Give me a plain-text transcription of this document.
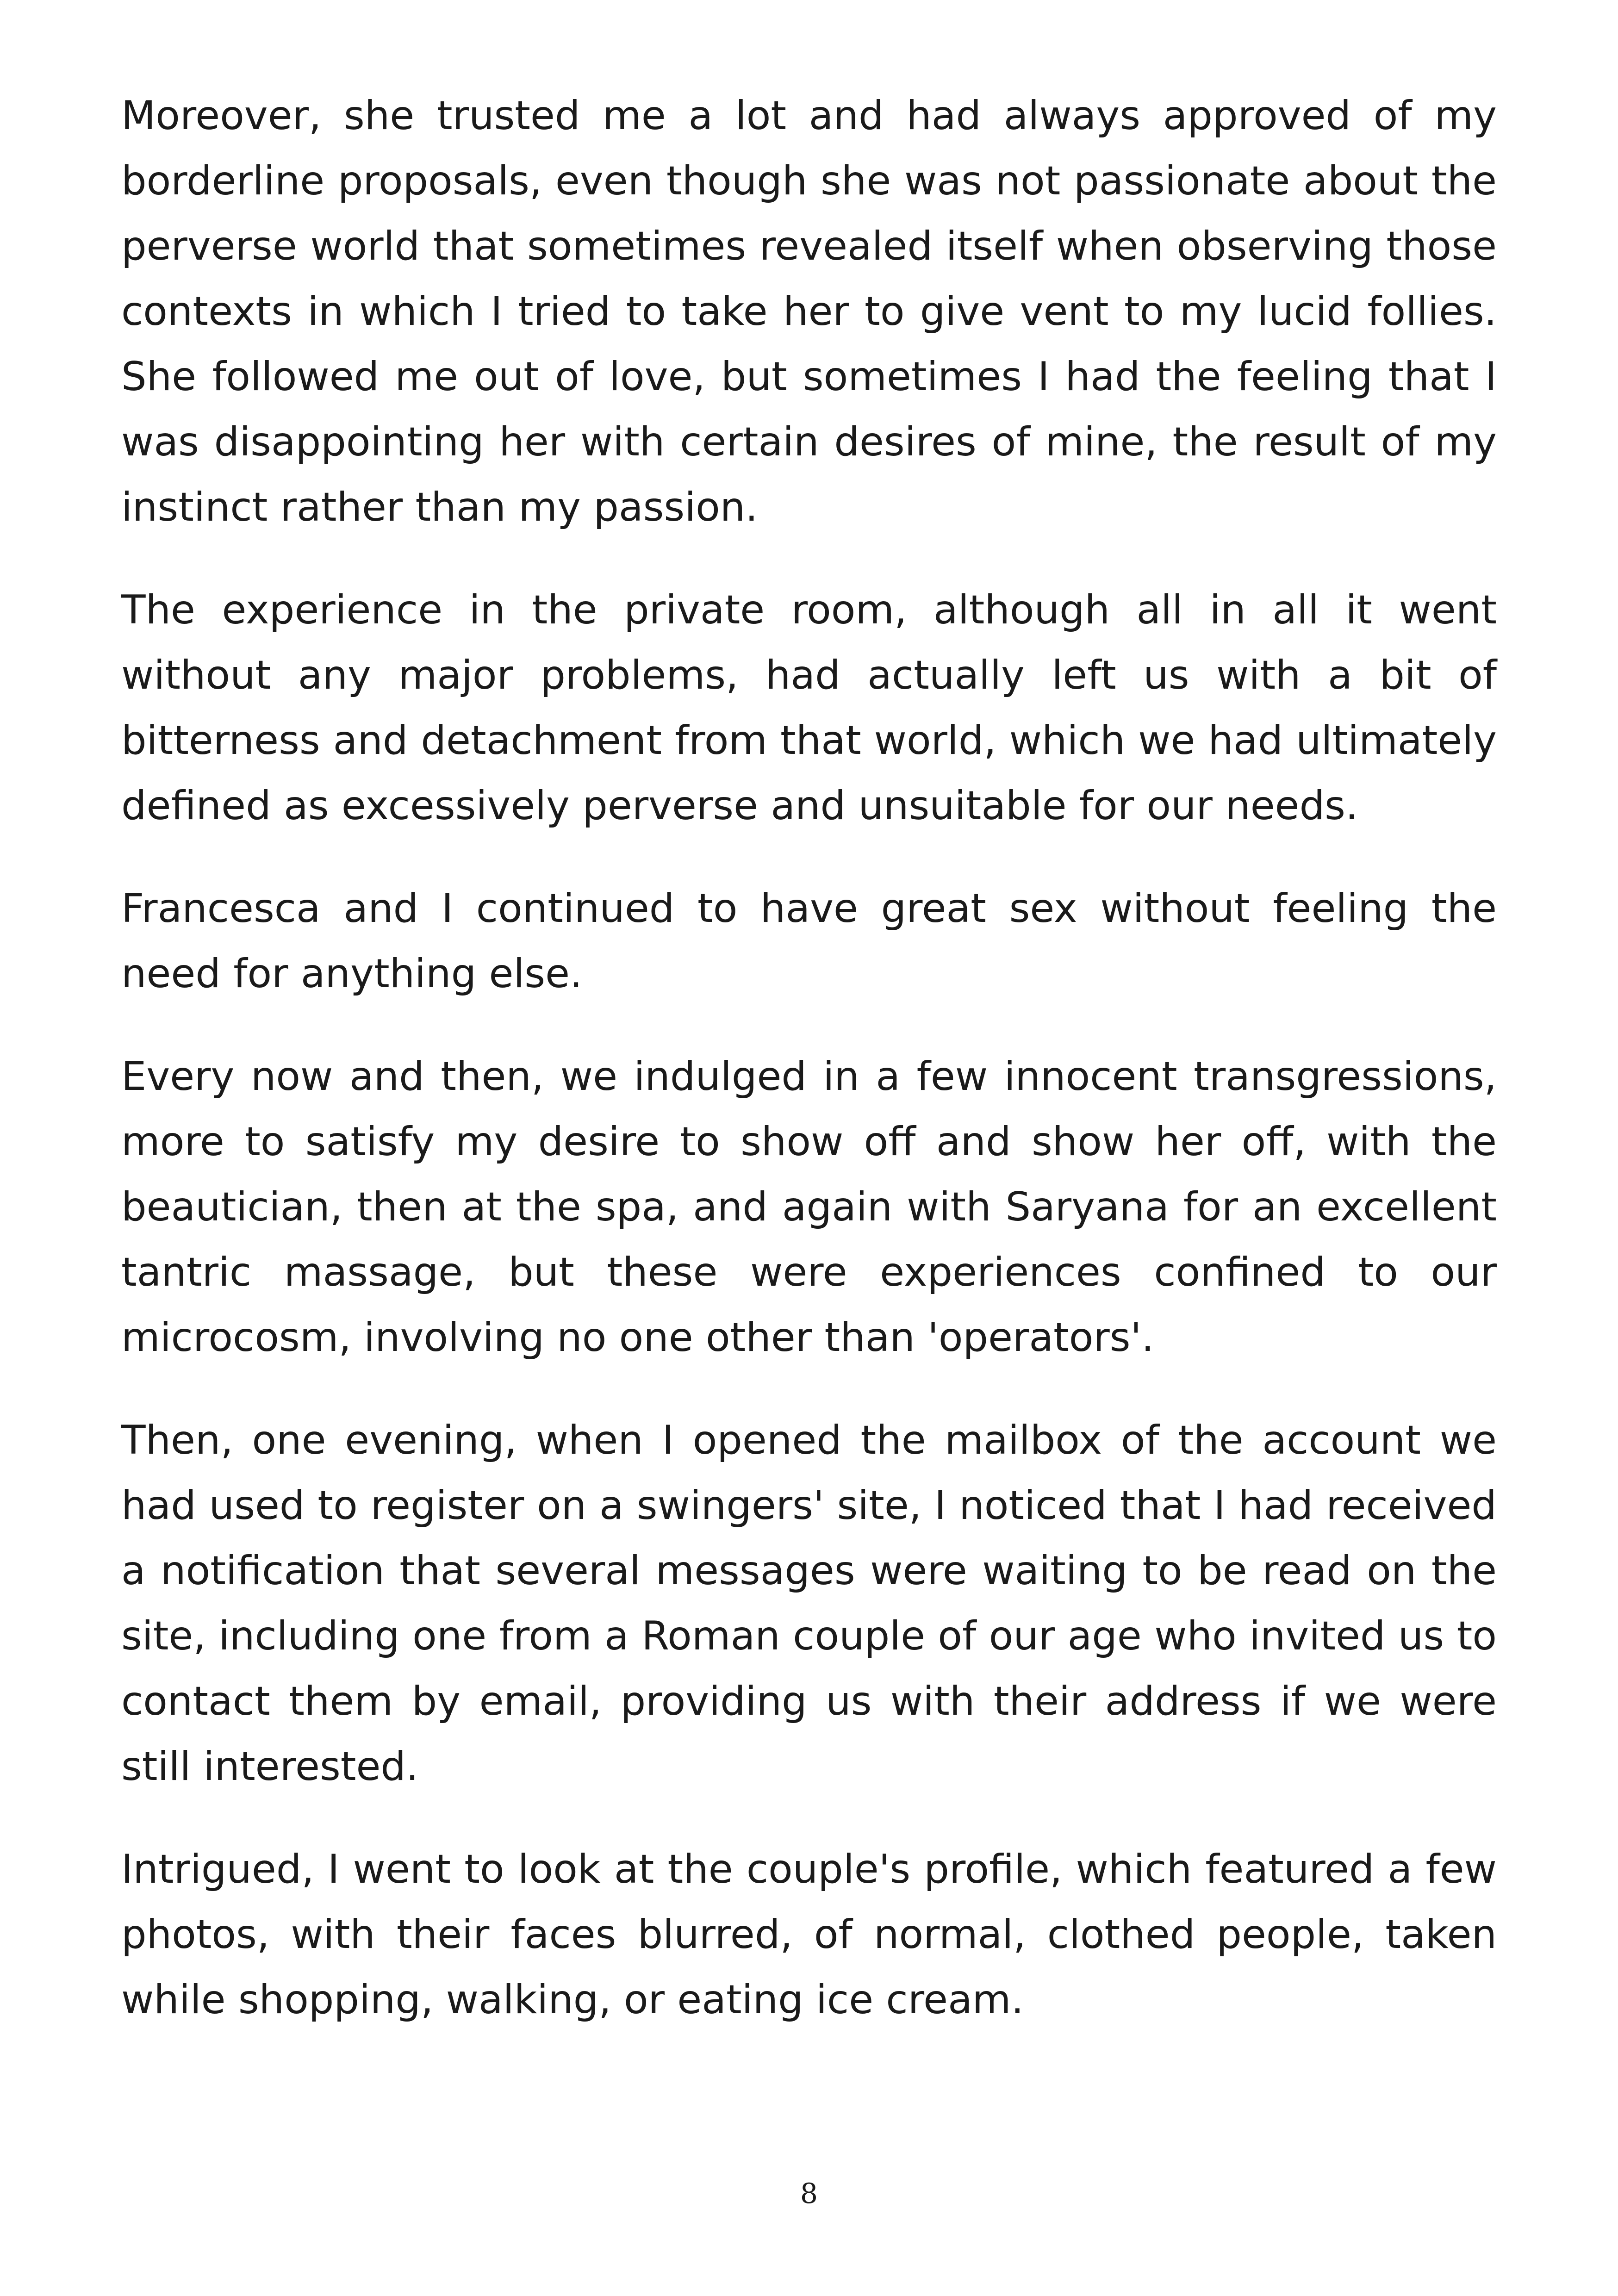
Moreover, she trusted me a lot and had always approved of my borderline proposals, even though she was not passionate about the perverse world that sometimes revealed itself when observing those contexts in which I tried to take her to give vent to my lucid follies. She followed me out of love, but sometimes I had the feeling that I was disappointing her with certain desires of mine, the result of my instinct rather than my passion.

The experience in the private room, although all in all it went without any major problems, had actually left us with a bit of bitterness and detachment from that world, which we had ultimately defined as excessively perverse and unsuitable for our needs.

Francesca and I continued to have great sex without feeling the need for anything else.

Every now and then, we indulged in a few innocent transgressions, more to satisfy my desire to show off and show her off, with the beautician, then at the spa, and again with Saryana for an excellent tantric massage, but these were experiences confined to our microcosm, involving no one other than 'operators'.

Then, one evening, when I opened the mailbox of the account we had used to register on a swingers' site, I noticed that I had received a notification that several messages were waiting to be read on the site, including one from a Roman couple of our age who invited us to contact them by email, providing us with their address if we were still interested.

Intrigued, I went to look at the couple's profile, which featured a few photos, with their faces blurred, of normal, clothed people, taken while shopping, walking, or eating ice cream.

8
